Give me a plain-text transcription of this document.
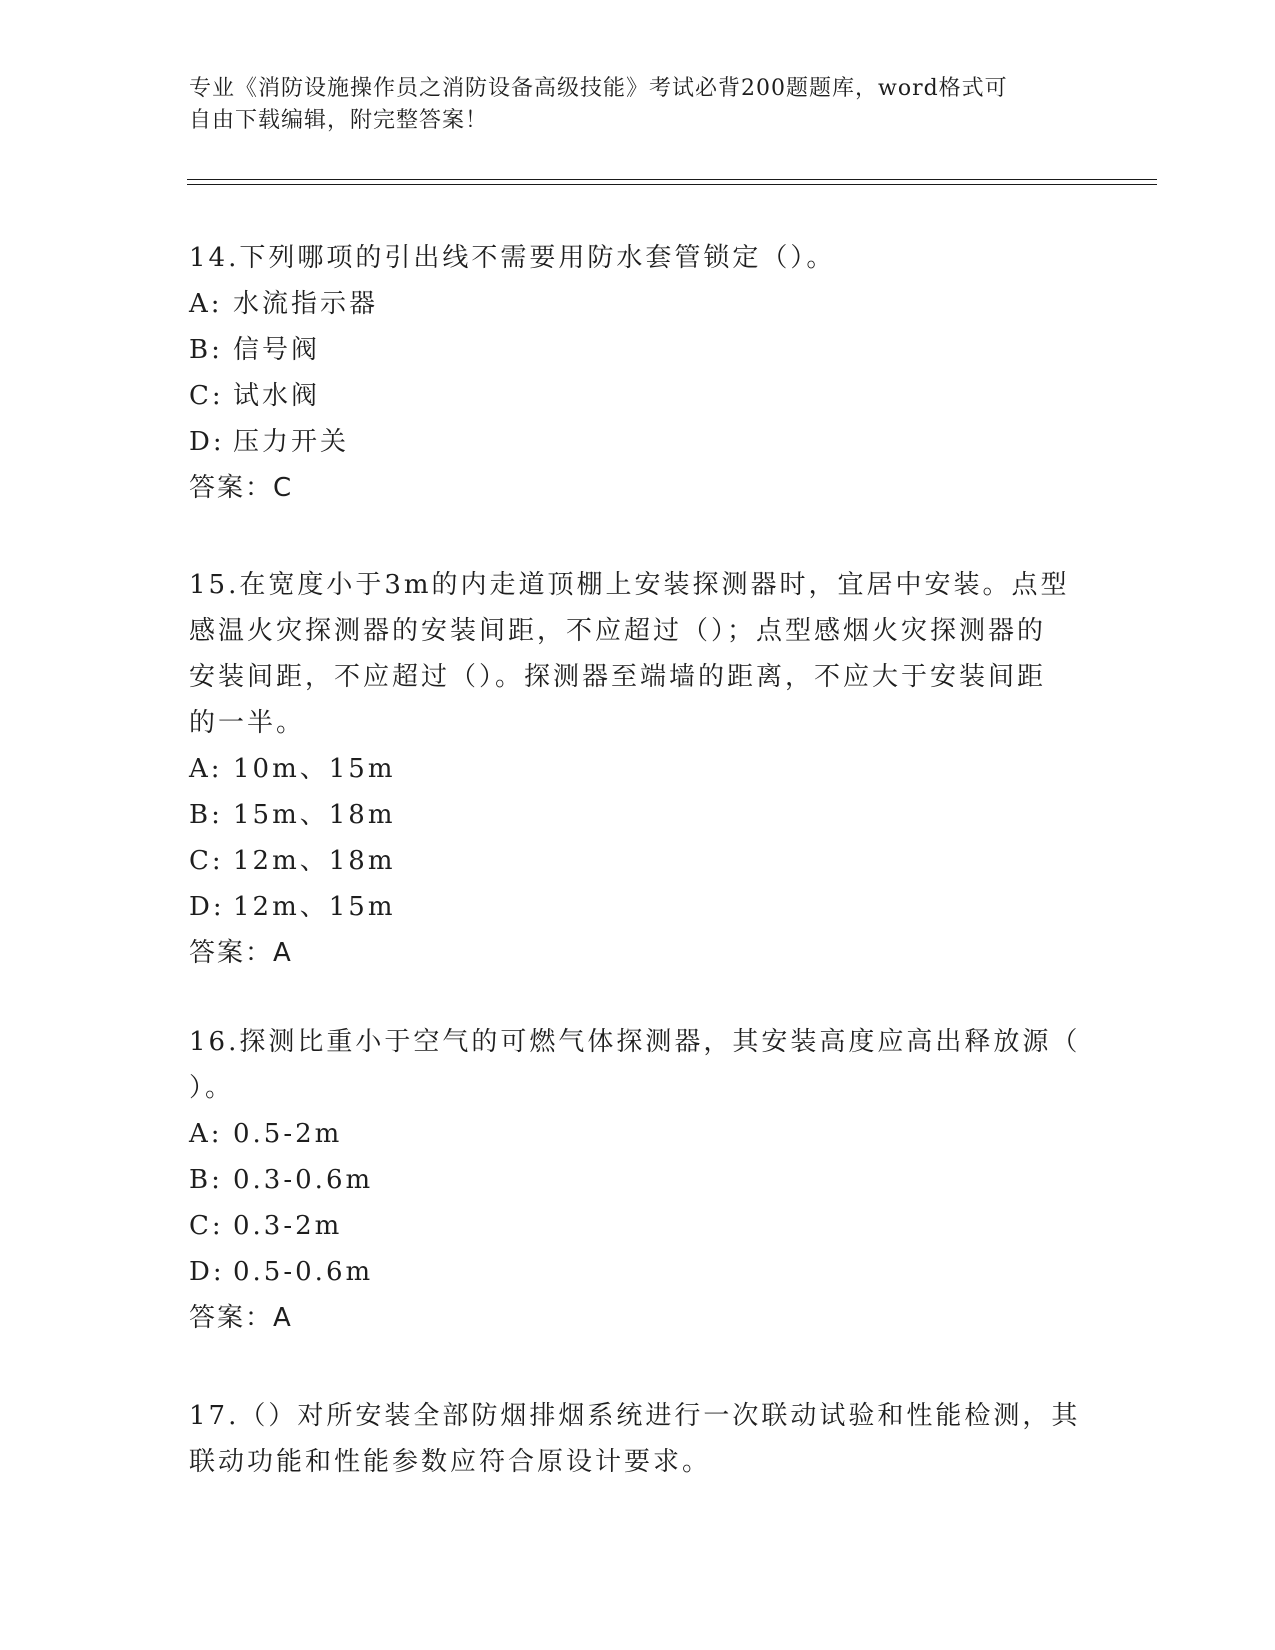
专业《消防设施操作员之消防设备高级技能》考试必背200题题库，word格式可
自由下载编辑，附完整答案！
14.下列哪项的引出线不需要用防水套管锁定（）。
A: 水流指示器
B: 信号阀
C: 试水阀
D: 压力开关
答案：C
15.在宽度小于3m的内走道顶棚上安装探测器时，宜居中安装。点型
感温火灾探测器的安装间距，不应超过（）；点型感烟火灾探测器的
安装间距，不应超过（）。探测器至端墙的距离，不应大于安装间距
的一半。
A: 10m、15m
B: 15m、18m
C: 12m、18m
D: 12m、15m
答案：A
16.探测比重小于空气的可燃气体探测器，其安装高度应高出释放源（
）。
A: 0.5-2m
B: 0.3-0.6m
C: 0.3-2m
D: 0.5-0.6m
答案：A
17.（）对所安装全部防烟排烟系统进行一次联动试验和性能检测，其
联动功能和性能参数应符合原设计要求。
